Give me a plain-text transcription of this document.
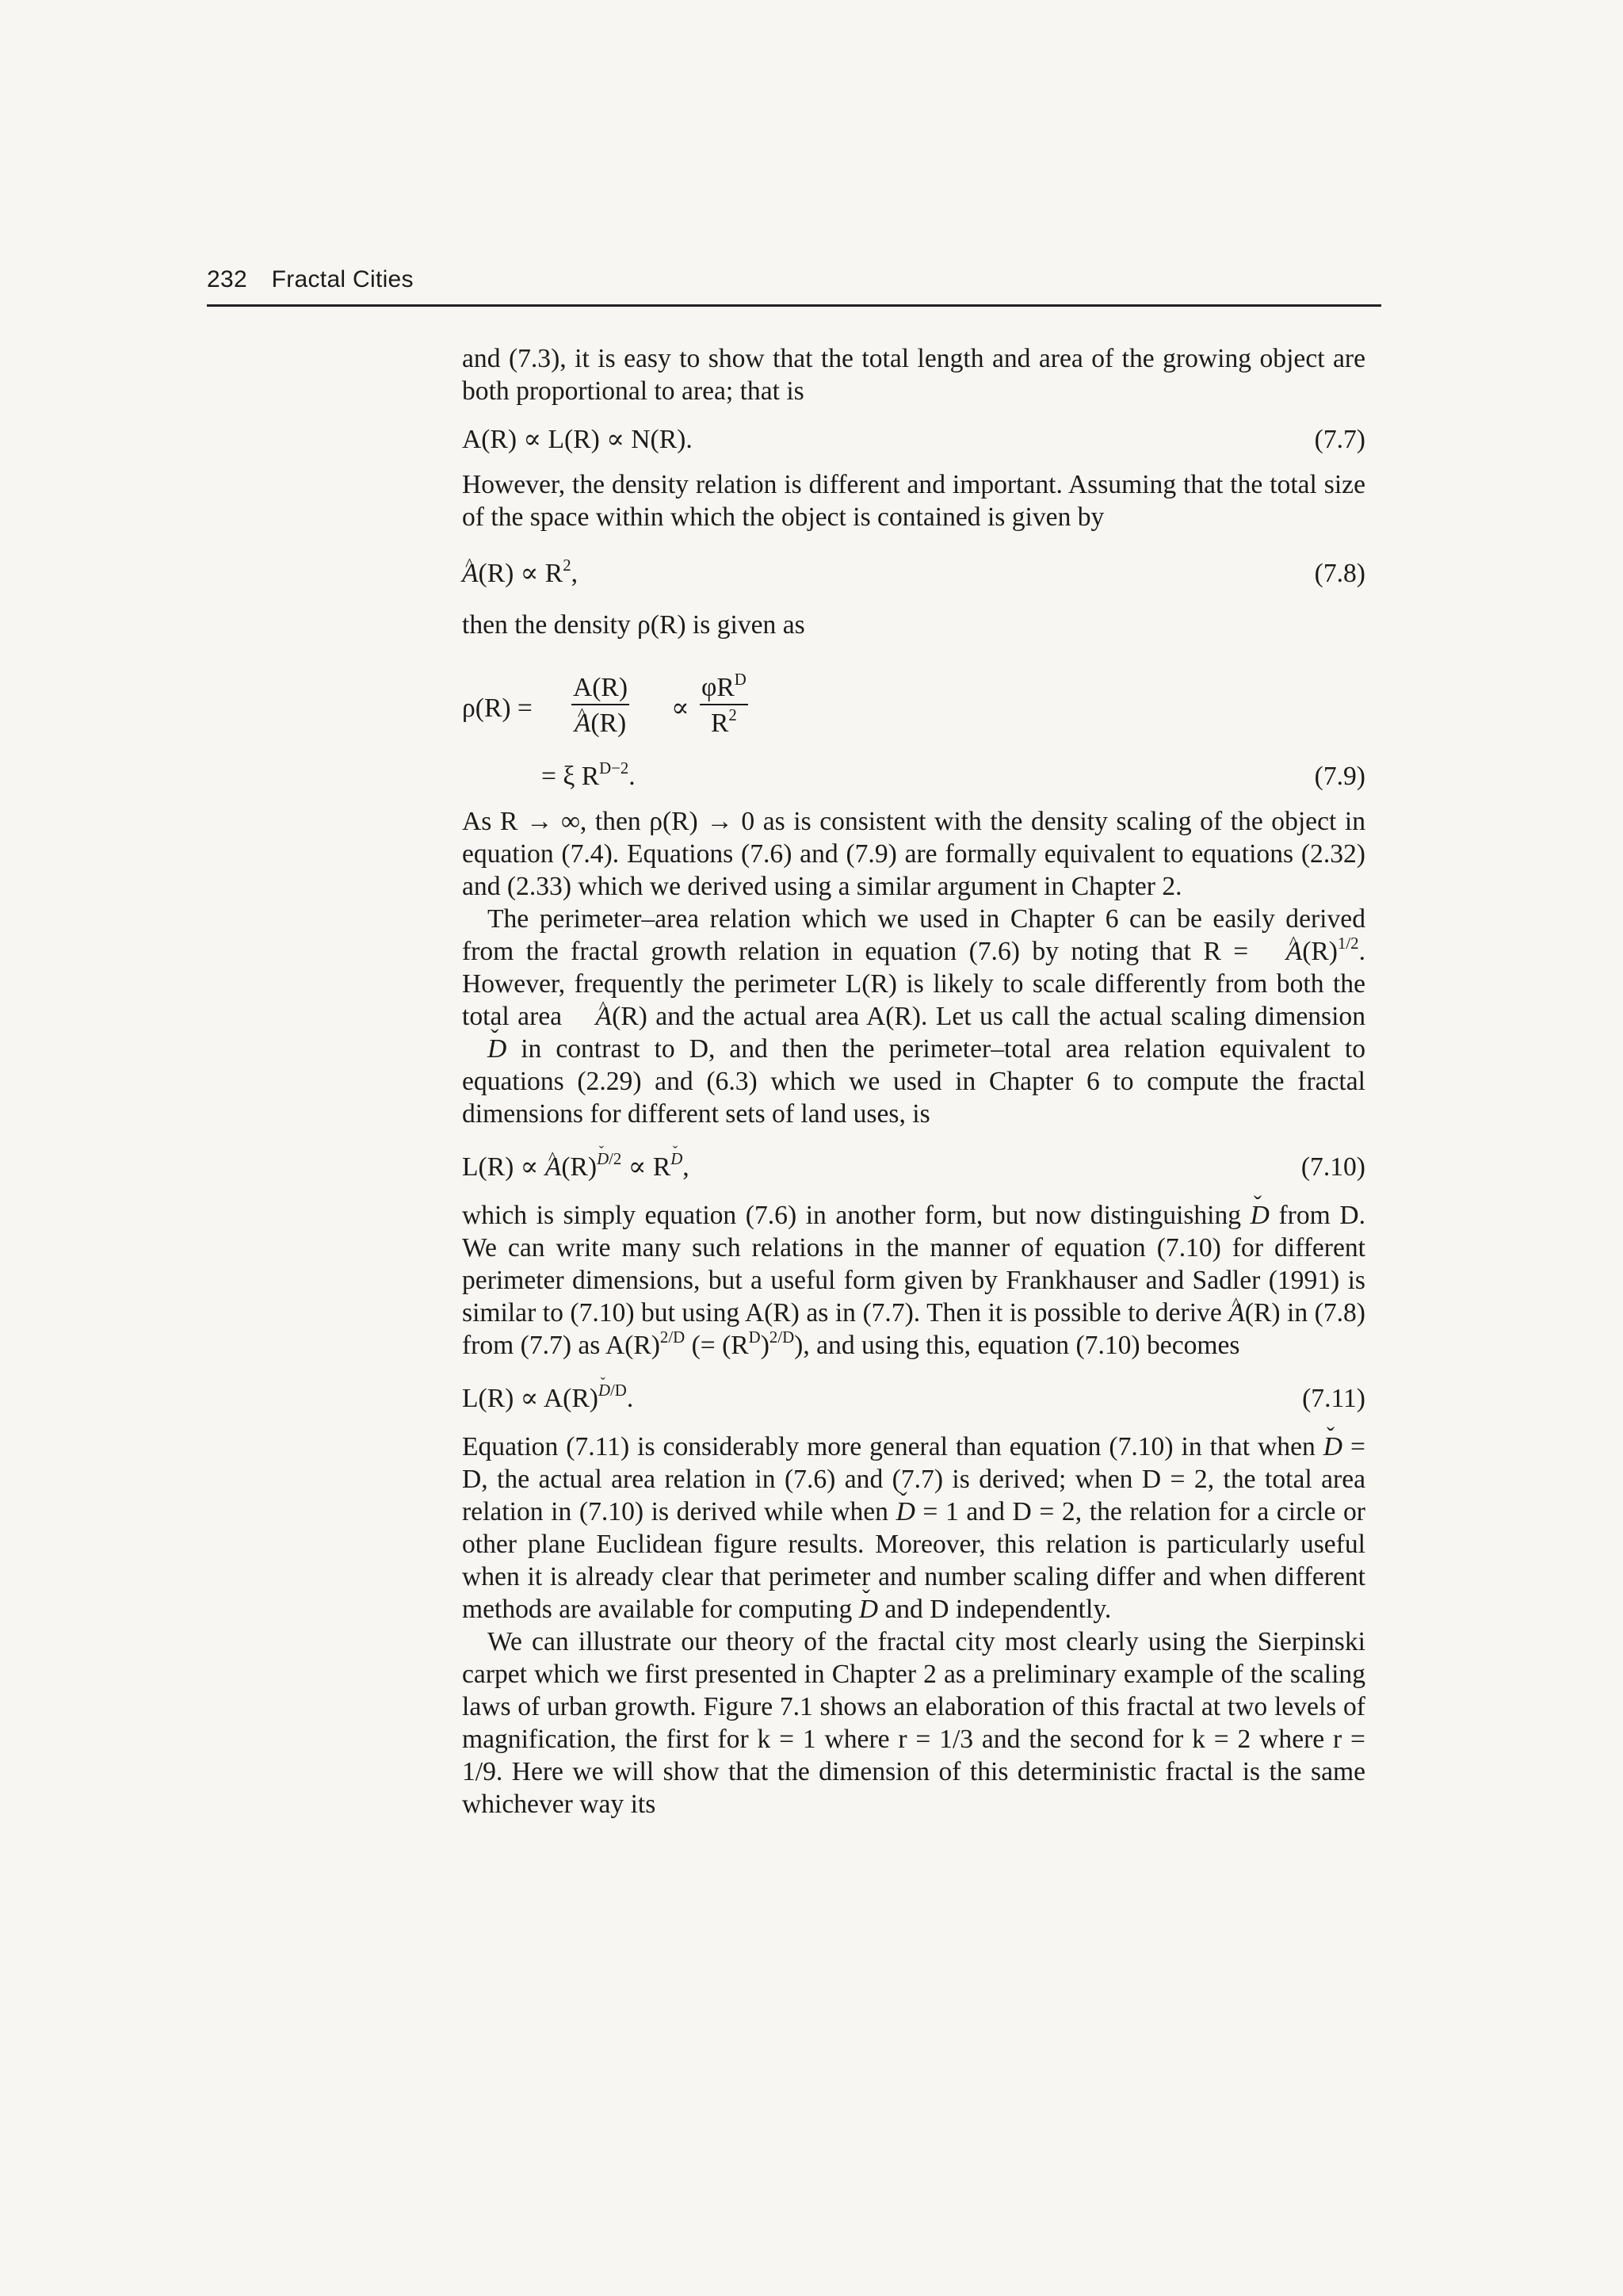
232 Fractal Cities

and (7.3), it is easy to show that the total length and area of the growing object are both proportional to area; that is

A(R) ∝ L(R) ∝ N(R).	(7.7)

However, the density relation is different and important. Assuming that the total size of the space within which the object is contained is given by

^ $A(R) \propto R^2$,	(7.8)

then the density ρ(R) is given as

ρ(R) = A(R)
^ A(R) ∝
$\varphi R^D$
$R^2$
= ξ $R^{D-2}$.	(7.9)

As R → ∞, then ρ(R) → 0 as is consistent with the density scaling of the object in equation (7.4). Equations (7.6) and (7.9) are formally equivalent to equations (2.32) and (2.33) which we derived using a similar argument in Chapter 2.

The perimeter–area relation which we used in Chapter 6 can be easily derived from the fractal growth relation in equation (7.6) by noting that R = ^ $A(R)^{1/2}$. However, frequently the perimeter L(R) is likely to scale differently from both the total area ^ A(R) and the actual area A(R). Let us call the actual scaling dimension ˇ D in contrast to D, and then the perimeter–total area relation equivalent to equations (2.29) and (6.3) which we used in Chapter 6 to compute the fractal dimensions for different sets of land uses, is

L(R) ∝ ^ $A(R)^{D/2} \propto R^D$,	(7.10)

which is simply equation (7.6) in another form, but now distinguishing ˇ D from D. We can write many such relations in the manner of equation (7.10) for different perimeter dimensions, but a useful form given by Frankhauser and Sadler (1991) is similar to (7.10) but using A(R) as in (7.7). Then it is possible to derive ^ A(R) in (7.8) from (7.7) as $A(R)^{2/D}$ (= $(R^D)^{2/D}$), and using this, equation (7.10) becomes

$L(R) \propto A(R)^{D/D}$.	(7.11)

Equation (7.11) is considerably more general than equation (7.10) in that when ˇ D = D, the actual area relation in (7.6) and (7.7) is derived; when D = 2, the total area relation in (7.10) is derived while when ˇ D = 1 and D = 2, the relation for a circle or other plane Euclidean figure results. Moreover, this relation is particularly useful when it is already clear that perimeter and number scaling differ and when different methods are available for computing ˇ D and D independently.

We can illustrate our theory of the fractal city most clearly using the Sierpinski carpet which we first presented in Chapter 2 as a preliminary example of the scaling laws of urban growth. Figure 7.1 shows an elaboration of this fractal at two levels of magnification, the first for k = 1 where r = 1/3 and the second for k = 2 where r = 1/9. Here we will show that the dimension of this deterministic fractal is the same whichever way its
